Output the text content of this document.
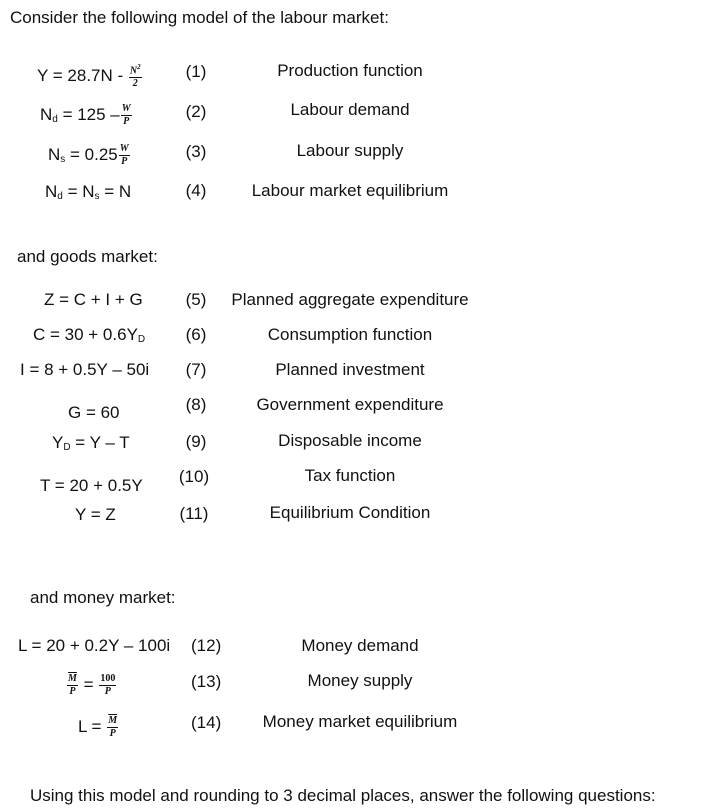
Consider the following model of the labour market:
$Y = 28.7N - \frac{N^2}{2}$	(1)	Production function
$N_d = 125 - \frac{W}{P}$	(2)	Labour demand
$N_s = 0.25 \frac{W}{P}$	(3)	Labour supply
$N_d = N_s = N$	(4)	Labour market equilibrium
and goods market:
Z = C + I + G	(5)	Planned aggregate expenditure
$C = 30 + 0.6Y_D$	(6)	Consumption function
I = 8 + 0.5Y – 50i	(7)	Planned investment
G = 60	(8)	Government expenditure
$Y_D = Y - T$	(9)	Disposable income
T = 20 + 0.5Y	(10)	Tax function
Y = Z	(11)	Equilibrium Condition
and money market:
L = 20 + 0.2Y – 100i (12)	Money demand
$\frac{\overline{M}}{P} = \frac{100}{P}$	(13)	Money supply
$L = \frac{\overline{M}}{P}$	(14)	Money market equilibrium
Using this model and rounding to 3 decimal places, answer the following questions:
